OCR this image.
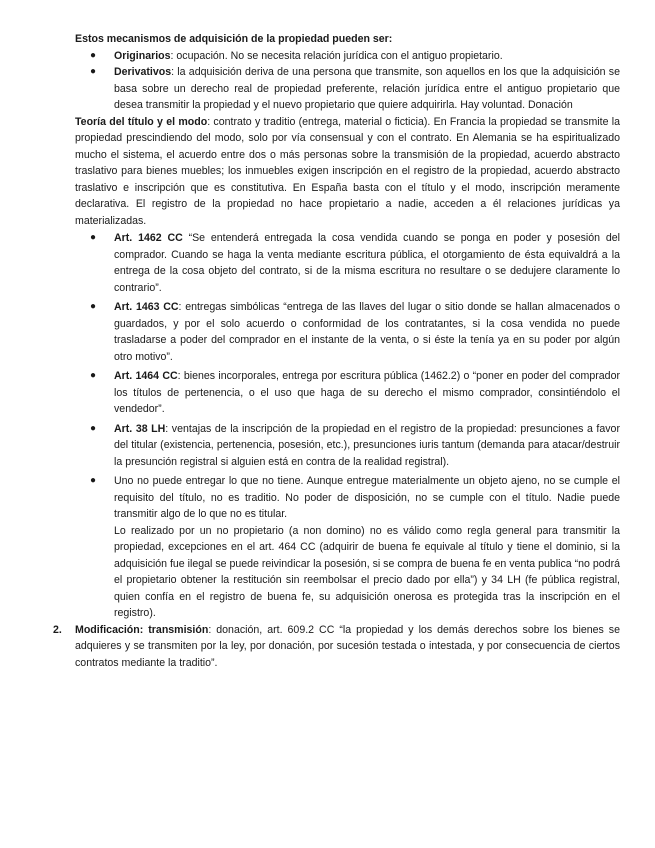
Estos mecanismos de adquisición de la propiedad pueden ser:

● Originarios: ocupación. No se necesita relación jurídica con el antiguo propietario.

● Derivativos: la adquisición deriva de una persona que transmite, son aquellos en los que la adquisición se basa sobre un derecho real de propiedad preferente, relación jurídica entre el antiguo propietario que desea transmitir la propiedad y el nuevo propietario que quiere adquirirla. Hay voluntad. Donación

Teoría del título y el modo: contrato y traditio (entrega, material o ficticia). En Francia la propiedad se transmite la propiedad prescindiendo del modo, solo por vía consensual y con el contrato. En Alemania se ha espiritualizado mucho el sistema, el acuerdo entre dos o más personas sobre la transmisión de la propiedad, acuerdo abstracto traslativo para bienes muebles; los inmuebles exigen inscripción en el registro de la propiedad, acuerdo abstracto traslativo e inscripción que es constitutiva. En España basta con el título y el modo, inscripción meramente declarativa. El registro de la propiedad no hace propietario a nadie, acceden a él relaciones jurídicas ya materializadas.

● Art. 1462 CC “Se entenderá entregada la cosa vendida cuando se ponga en poder y posesión del comprador. Cuando se haga la venta mediante escritura pública, el otorgamiento de ésta equivaldrá a la entrega de la cosa objeto del contrato, si de la misma escritura no resultare o se dedujere claramente lo contrario”.

● Art. 1463 CC: entregas simbólicas “entrega de las llaves del lugar o sitio donde se hallan almacenados o guardados, y por el solo acuerdo o conformidad de los contratantes, si la cosa vendida no puede trasladarse a poder del comprador en el instante de la venta, o si éste la tenía ya en su poder por algún otro motivo”.

● Art. 1464 CC: bienes incorporales, entrega por escritura pública (1462.2) o “poner en poder del comprador los títulos de pertenencia, o el uso que haga de su derecho el mismo comprador, consintiéndolo el vendedor”.

● Art. 38 LH: ventajas de la inscripción de la propiedad en el registro de la propiedad: presunciones a favor del titular (existencia, pertenencia, posesión, etc.), presunciones iuris tantum (demanda para atacar/destruir la presunción registral si alguien está en contra de la realidad registral).

● Uno no puede entregar lo que no tiene. Aunque entregue materialmente un objeto ajeno, no se cumple el requisito del título, no es traditio. No poder de disposición, no se cumple con el título. Nadie puede transmitir algo de lo que no es titular.

Lo realizado por un no propietario (a non domino) no es válido como regla general para transmitir la propiedad, excepciones en el art. 464 CC (adquirir de buena fe equivale al título y tiene el dominio, si la adquisición fue ilegal se puede reivindicar la posesión, si se compra de buena fe en venta publica “no podrá el propietario obtener la restitución sin reembolsar el precio dado por ella”) y 34 LH (fe pública registral, quien confía en el registro de buena fe, su adquisición onerosa es protegida tras la inscripción en el registro).

2. Modificación: transmisión: donación, art. 609.2 CC “la propiedad y los demás derechos sobre los bienes se adquieres y se transmiten por la ley, por donación, por sucesión testada o intestada, y por consecuencia de ciertos contratos mediante la traditio”.
